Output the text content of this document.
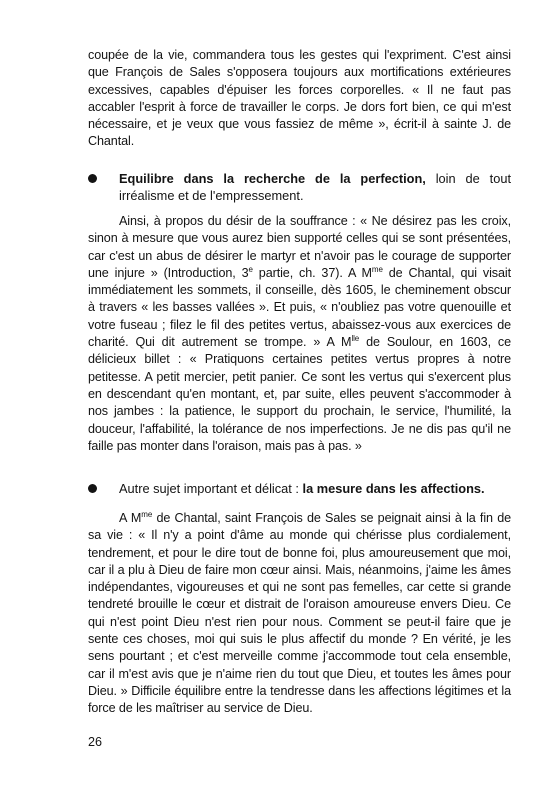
coupée de la vie, commandera tous les gestes qui l'expriment. C'est ainsi que François de Sales s'opposera toujours aux mortifications extérieures excessives, capables d'épuiser les forces corporelles. « Il ne faut pas accabler l'esprit à force de travailler le corps. Je dors fort bien, ce qui m'est nécessaire, et je veux que vous fassiez de même », écrit-il à sainte J. de Chantal.

Equilibre dans la recherche de la perfection, loin de tout irréalisme et de l'empressement.

Ainsi, à propos du désir de la souffrance : « Ne désirez pas les croix, sinon à mesure que vous aurez bien supporté celles qui se sont présentées, car c'est un abus de désirer le martyr et n'avoir pas le courage de supporter une injure » (Introduction, 3e partie, ch. 37). A $M^{me}$ de Chantal, qui visait immédiatement les sommets, il conseille, dès 1605, le cheminement obscur à travers « les basses vallées ». Et puis, « n'oubliez pas votre quenouille et votre fuseau ; filez le fil des petites vertus, abaissez-vous aux exercices de charité. Qui dit autrement se trompe. » A $M^{lle}$ de Soulour, en 1603, ce délicieux billet : « Pratiquons certaines petites vertus propres à notre petitesse. A petit mercier, petit panier. Ce sont les vertus qui s'exercent plus en descendant qu'en montant, et, par suite, elles peuvent s'accommoder à nos jambes : la patience, le support du prochain, le service, l'humilité, la douceur, l'affabilité, la tolérance de nos imperfections. Je ne dis pas qu'il ne faille pas monter dans l'oraison, mais pas à pas. »

Autre sujet important et délicat : la mesure dans les affections.

A $M^{me}$ de Chantal, saint François de Sales se peignait ainsi à la fin de sa vie : « Il n'y a point d'âme au monde qui chérisse plus cordialement, tendrement, et pour le dire tout de bonne foi, plus amoureusement que moi, car il a plu à Dieu de faire mon cœur ainsi. Mais, néanmoins, j'aime les âmes indépendantes, vigoureuses et qui ne sont pas femelles, car cette si grande tendreté brouille le cœur et distrait de l'oraison amoureuse envers Dieu. Ce qui n'est point Dieu n'est rien pour nous. Comment se peut-il faire que je sente ces choses, moi qui suis le plus affectif du monde ? En vérité, je les sens pourtant ; et c'est merveille comme j'accommode tout cela ensemble, car il m'est avis que je n'aime rien du tout que Dieu, et toutes les âmes pour Dieu. » Difficile équilibre entre la tendresse dans les affections légitimes et la force de les maîtriser au service de Dieu.

26
